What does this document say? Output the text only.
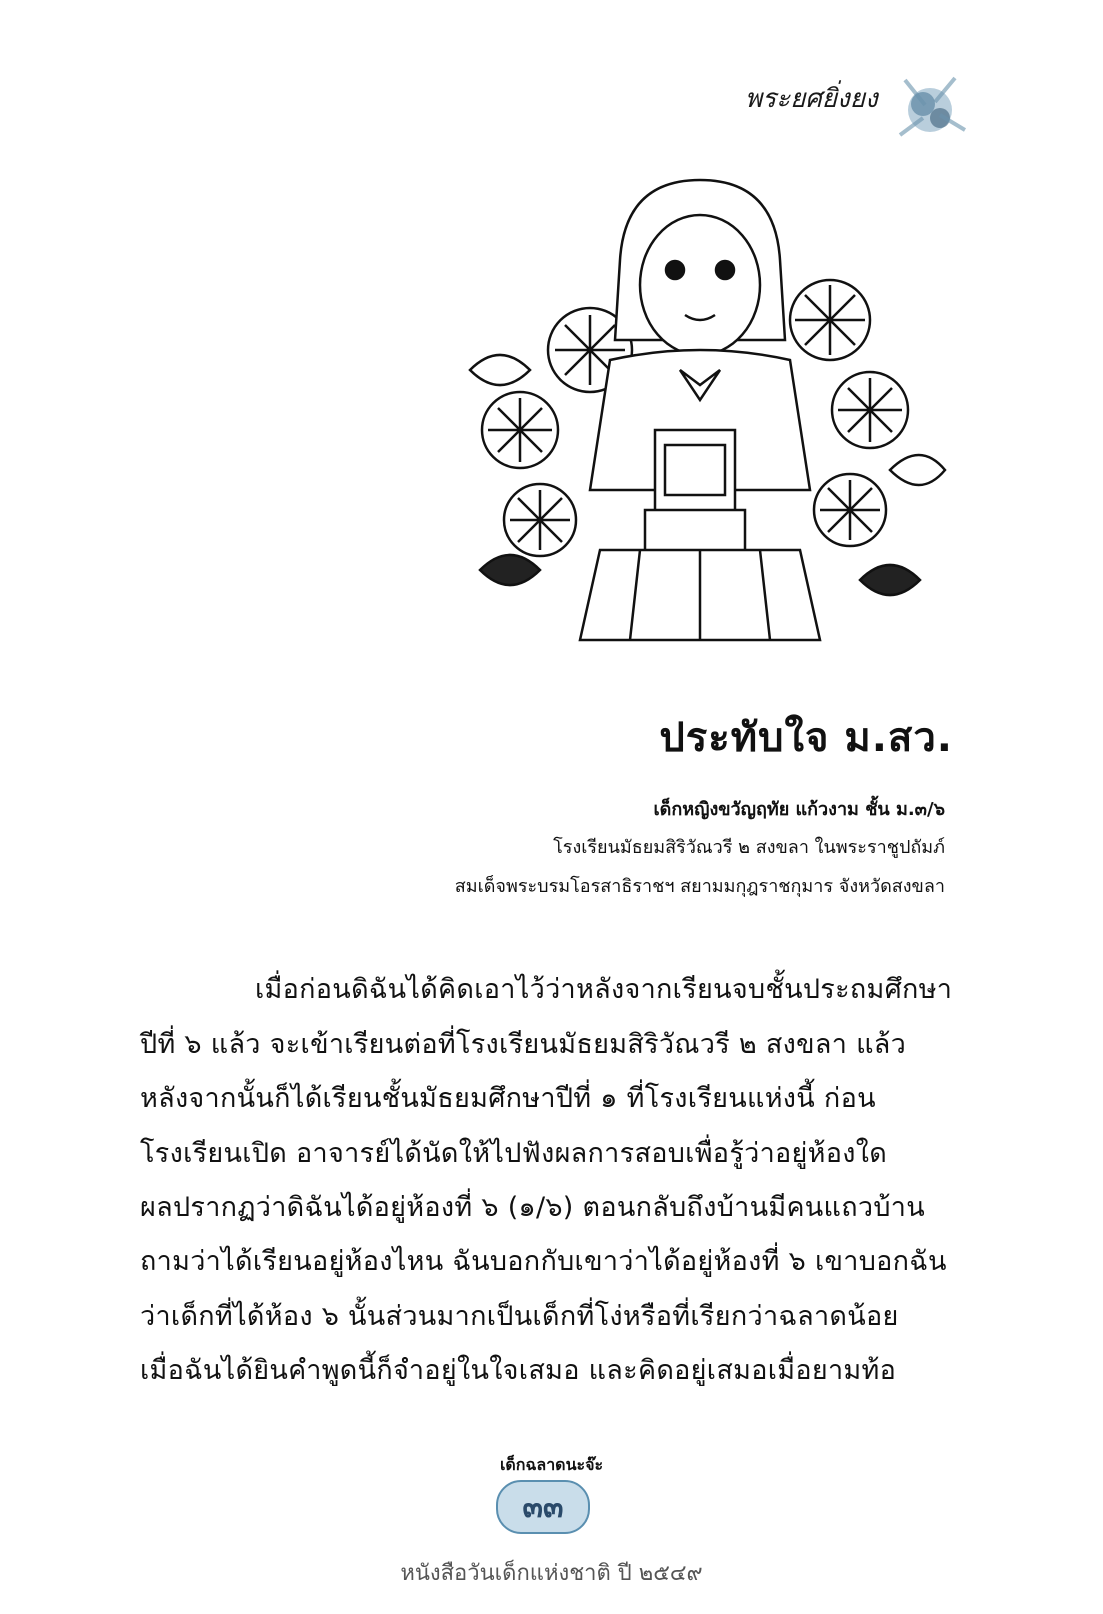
พระยศยิ่งยง
ประทับใจ ม.สว.
เด็กหญิงขวัญฤทัย แก้วงาม ชั้น ม.๓/๖
โรงเรียนมัธยมสิริวัณวรี ๒ สงขลา ในพระราชูปถัมภ์
สมเด็จพระบรมโอรสาธิราชฯ สยามมกุฎราชกุมาร จังหวัดสงขลา
เมื่อก่อนดิฉันได้คิดเอาไว้ว่าหลังจากเรียนจบชั้นประถมศึกษา
ปีที่ ๖ แล้ว จะเข้าเรียนต่อที่โรงเรียนมัธยมสิริวัณวรี ๒ สงขลา แล้ว
หลังจากนั้นก็ได้เรียนชั้นมัธยมศึกษาปีที่ ๑ ที่โรงเรียนแห่งนี้ ก่อน
โรงเรียนเปิด อาจารย์ได้นัดให้ไปฟังผลการสอบเพื่อรู้ว่าอยู่ห้องใด
ผลปรากฏว่าดิฉันได้อยู่ห้องที่ ๖ (๑/๖) ตอนกลับถึงบ้านมีคนแถวบ้าน
ถามว่าได้เรียนอยู่ห้องไหน ฉันบอกกับเขาว่าได้อยู่ห้องที่ ๖ เขาบอกฉัน
ว่าเด็กที่ได้ห้อง ๖ นั้นส่วนมากเป็นเด็กที่โง่หรือที่เรียกว่าฉลาดน้อย
เมื่อฉันได้ยินคำพูดนี้ก็จำอยู่ในใจเสมอ และคิดอยู่เสมอเมื่อยามท้อ
เด็กฉลาดนะจ๊ะ
๓๓
หนังสือวันเด็กแห่งชาติ ปี ๒๕๔๙
